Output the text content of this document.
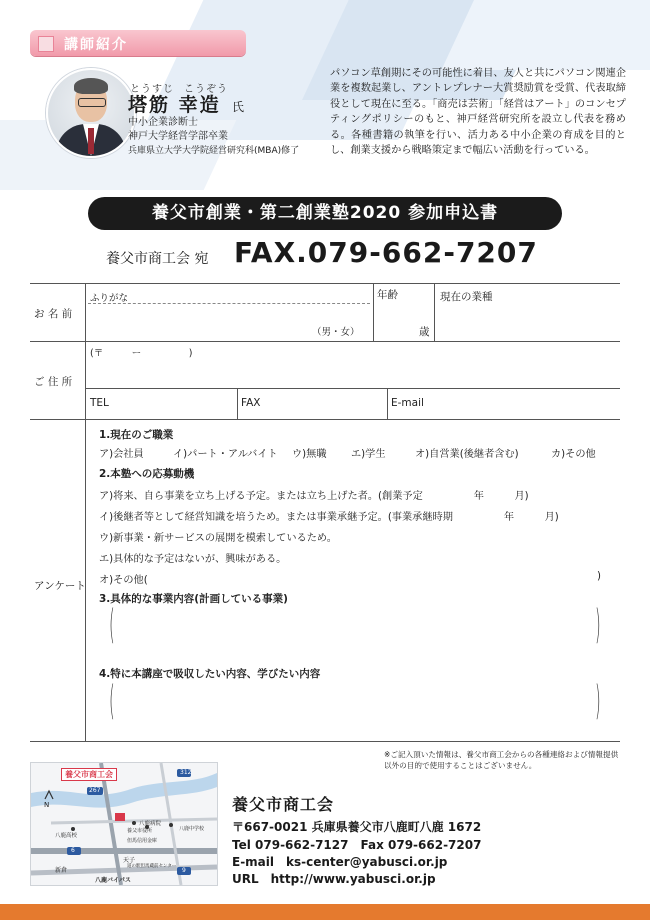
講師紹介
とうすじ こうぞう
塔筋 幸造 氏
中小企業診断士
神戸大学経営学部卒業
兵庫県立大学大学院経営研究科(MBA)修了
パソコン草創期にその可能性に着目、友人と共にパソコン関連企業を複数起業し、アントレプレナー大賞奨励賞を受賞、代表取締役として現在に至る。「商売は芸術」「経営はアート」のコンセプティングポリシーのもと、神戸経営研究所を設立し代表を務める。各種書籍の執筆を行い、活力ある中小企業の育成を目的とし、創業支援から戦略策定まで幅広い活動を行っている。
養父市創業・第二創業塾2020 参加申込書
養父市商工会 宛 FAX.079-662-7207
お 名 前
ふりがな
（男・女）
年齢
歳
現在の業種
ご 住 所
(〒　　　ー　　　　　)
TEL	FAX	E-mail
アンケート
1.現在のご職業
ア)会社員	イ)パート・アルバイト ウ)無職 エ)学生	オ)自営業(後継者含む)	カ)その他
2.本塾への応募動機
ア)将来、自ら事業を立ち上げる予定。または立ち上げた者。(創業予定　　　　　年　　　月)
イ)後継者等として経営知識を培うため。または事業承継予定。(事業承継時期　　　　　年　　　月)
ウ)新事業・新サービスの展開を模索しているため。
エ)具体的な予定はないが、興味がある。
オ)その他(	)
3.具体的な事業内容(計画している事業)
(	)
4.特に本講座で吸収したい内容、学びたい内容
(	)
※ご記入頂いた情報は、養父市商工会からの各種連絡および情報提供以外の目的で使用することはございません。
養父市商工会
N
267
312
6
9
八鹿高校
八鹿病院
養父市役所	八鹿中学校
但馬信用金庫
天子
新倉
八鹿バイパス
道の駅但馬蔵前センター
養父市商工会
〒667-0021 兵庫県養父市八鹿町八鹿 1672
Tel 079-662-7127　Fax 079-662-7207
E-mail　ks-center@yabusci.or.jp
URL　http://www.yabusci.or.jp
